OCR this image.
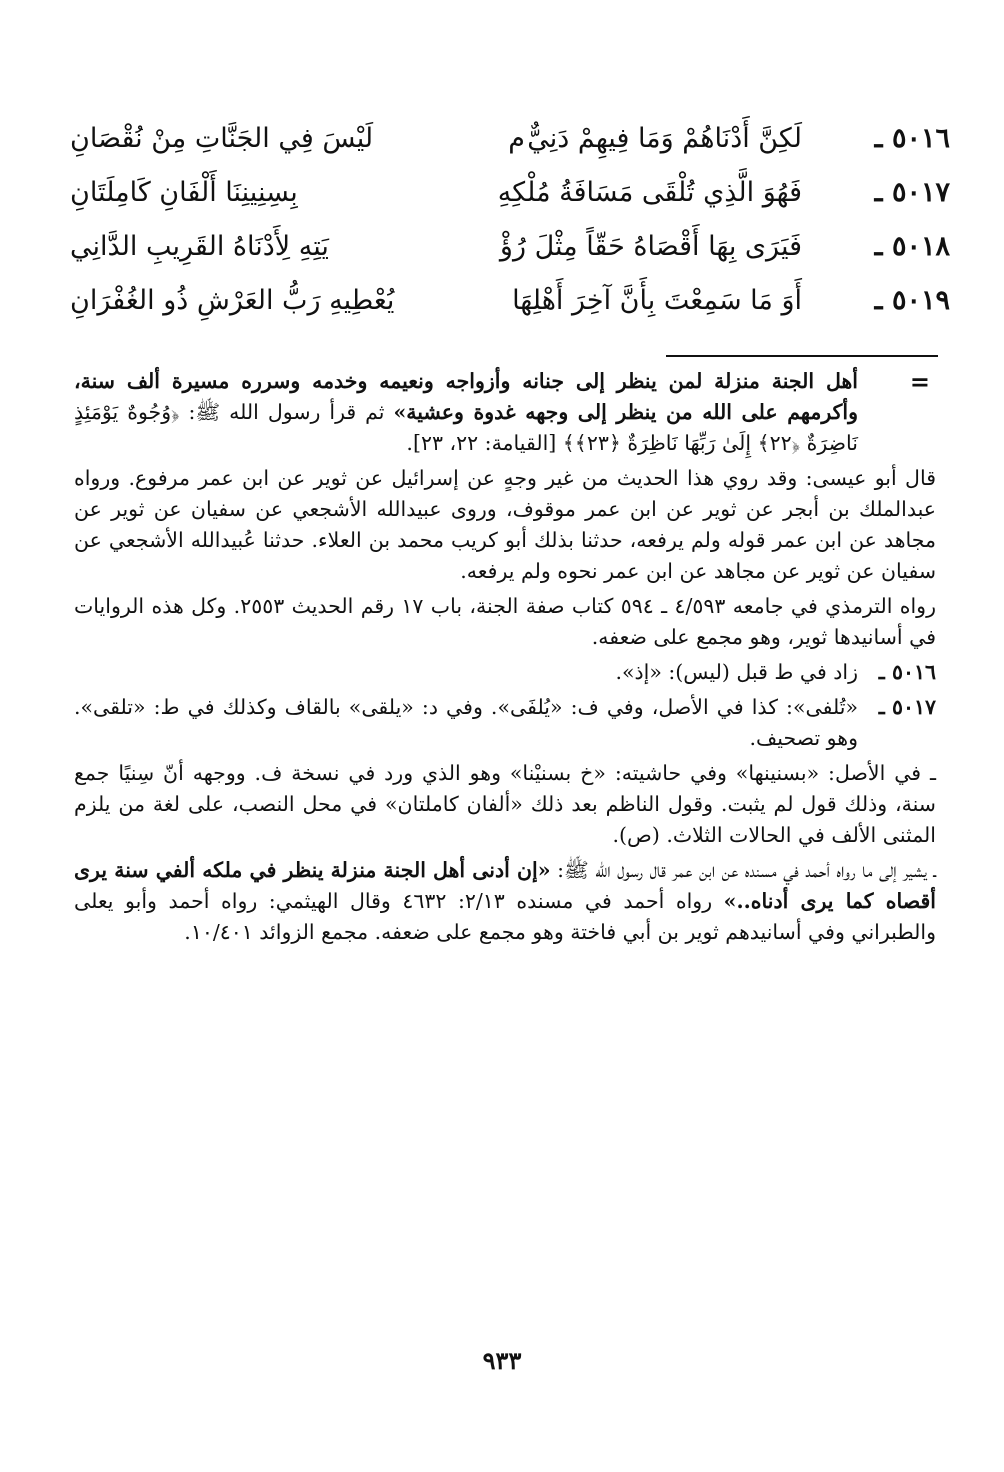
٥٠١٦ ـ
لَكِنَّ أَدْنَاهُمْ وَمَا فِيهِمْ دَنِيٌّ
م
لَيْسَ فِي الجَنَّاتِ مِنْ نُقْصَانِ
٥٠١٧ ـ
فَهُوَ الَّذِي تُلْقَى مَسَافَةُ مُلْكِهِ
بِسِنِينِنَا أَلْفَانِ كَامِلَتَانِ
٥٠١٨ ـ
فَيَرَى بِهَا أَقْصَاهُ حَقّاً مِثْلَ رُؤْ
يَتِهِ لِأَدْنَاهُ القَرِيبِ الدَّانِي
٥٠١٩ ـ
أَوَ مَا سَمِعْتَ بِأَنَّ آخِرَ أَهْلِهَا
يُعْطِيهِ رَبُّ العَرْشِ ذُو الغُفْرَانِ

=
أهل الجنة منزلة لمن ينظر إلى جنانه وأزواجه ونعيمه وخدمه وسرره مسيرة ألف سنة، وأكرمهم على الله من ينظر إلى وجهه غدوة وعشية» ثم قرأ رسول الله ﷺ: ﴿وُجُوهٌ يَوْمَئِذٍ نَاضِرَةٌ ﴿٢٢﴾ إِلَىٰ رَبِّهَا نَاظِرَةٌ ﴿٢٣﴾﴾ [القيامة: ٢٢، ٢٣].

قال أبو عيسى: وقد روي هذا الحديث من غير وجهٍ عن إسرائيل عن ثوير عن ابن عمر مرفوع. ورواه عبدالملك بن أبجر عن ثوير عن ابن عمر موقوف، وروى عبيدالله الأشجعي عن سفيان عن ثوير عن مجاهد عن ابن عمر قوله ولم يرفعه، حدثنا بذلك أبو كريب محمد بن العلاء. حدثنا عُبيدالله الأشجعي عن سفيان عن ثوير عن مجاهد عن ابن عمر نحوه ولم يرفعه.

رواه الترمذي في جامعه ٤/٥٩٣ ـ ٥٩٤ كتاب صفة الجنة، باب ١٧ رقم الحديث ٢٥٥٣. وكل هذه الروايات في أسانيدها ثوير، وهو مجمع على ضعفه.

٥٠١٦ ـ
زاد في ط قبل (ليس): «إذ».

٥٠١٧ ـ
«تُلفى»: كذا في الأصل، وفي ف: «يُلفَى». وفي د: «يلقى» بالقاف وكذلك في ط: «تلقى». وهو تصحيف.

ـ في الأصل: «بسنينها» وفي حاشيته: «خ بسنيْنا» وهو الذي ورد في نسخة ف. ووجهه أنّ سِنيًا جمع سنة، وذلك قول لم يثبت. وقول الناظم بعد ذلك «ألفان كاملتان» في محل النصب، على لغة من يلزم المثنى الألف في الحالات الثلاث. (ص).

ـ يشير إلى ما رواه أحمد في مسنده عن ابن عمر قال رسول الله ﷺ: «إن أدنى أهل الجنة منزلة ينظر في ملكه ألفي سنة يرى أقصاه كما يرى أدناه..» رواه أحمد في مسنده ٢/١٣: ٤٦٣٢ وقال الهيثمي: رواه أحمد وأبو يعلى والطبراني وفي أسانيدهم ثوير بن أبي فاختة وهو مجمع على ضعفه. مجمع الزوائد ١٠/٤٠١.

٩٣٣
